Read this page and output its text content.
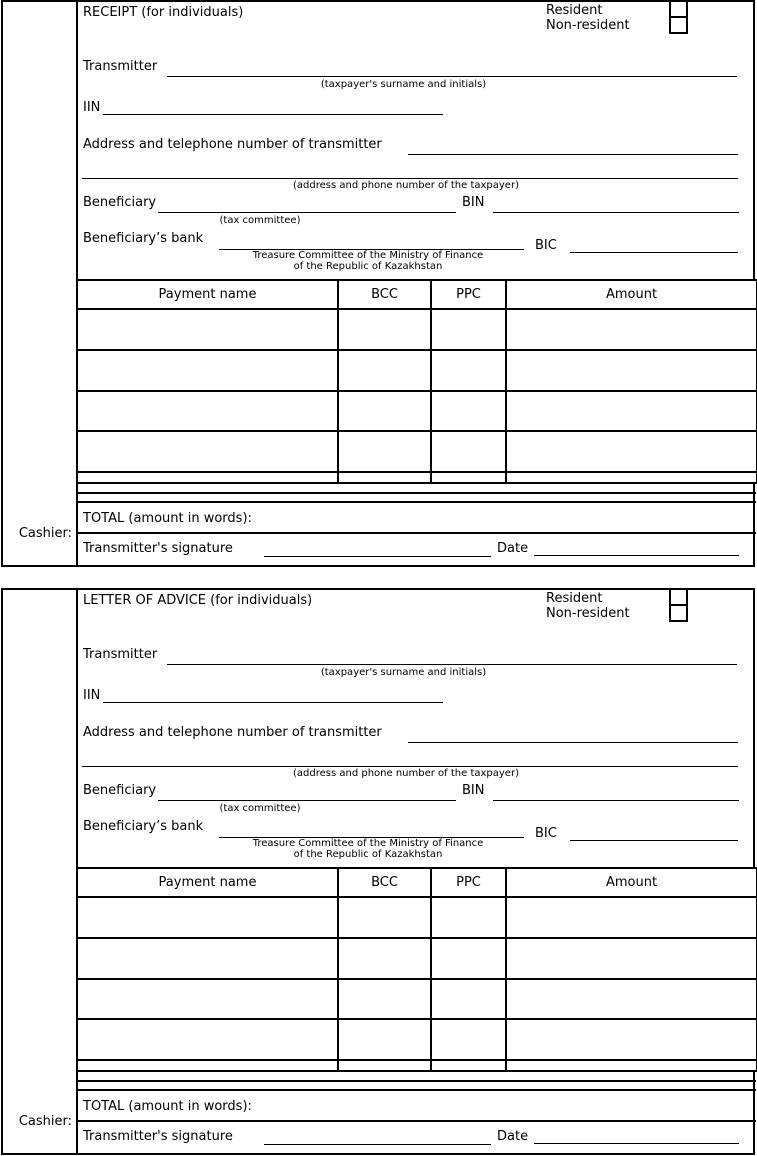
RECEIPT (for individuals)	Resident
Non-resident
Transmitter
(taxpayer's surname and initials)
IIN
Address and telephone number of transmitter
(address and phone number of the taxpayer)
Beneficiary
(tax committee)
BIN
Beneficiary’s bank
Treasure Committee of the Ministry of Finance
of the Republic of Kazakhstan
BIC
Payment name	BCC	PPC	Amount

TOTAL (amount in words):
Transmitter's signature	Date
Cashier:
LETTER OF ADVICE (for individuals)	Resident
Non-resident
Transmitter
(taxpayer's surname and initials)
IIN
Address and telephone number of transmitter
(address and phone number of the taxpayer)
Beneficiary
(tax committee)
BIN
Beneficiary’s bank
Treasure Committee of the Ministry of Finance
of the Republic of Kazakhstan
BIC
Payment name	BCC	PPC	Amount

TOTAL (amount in words):
Transmitter's signature	Date
Cashier:
